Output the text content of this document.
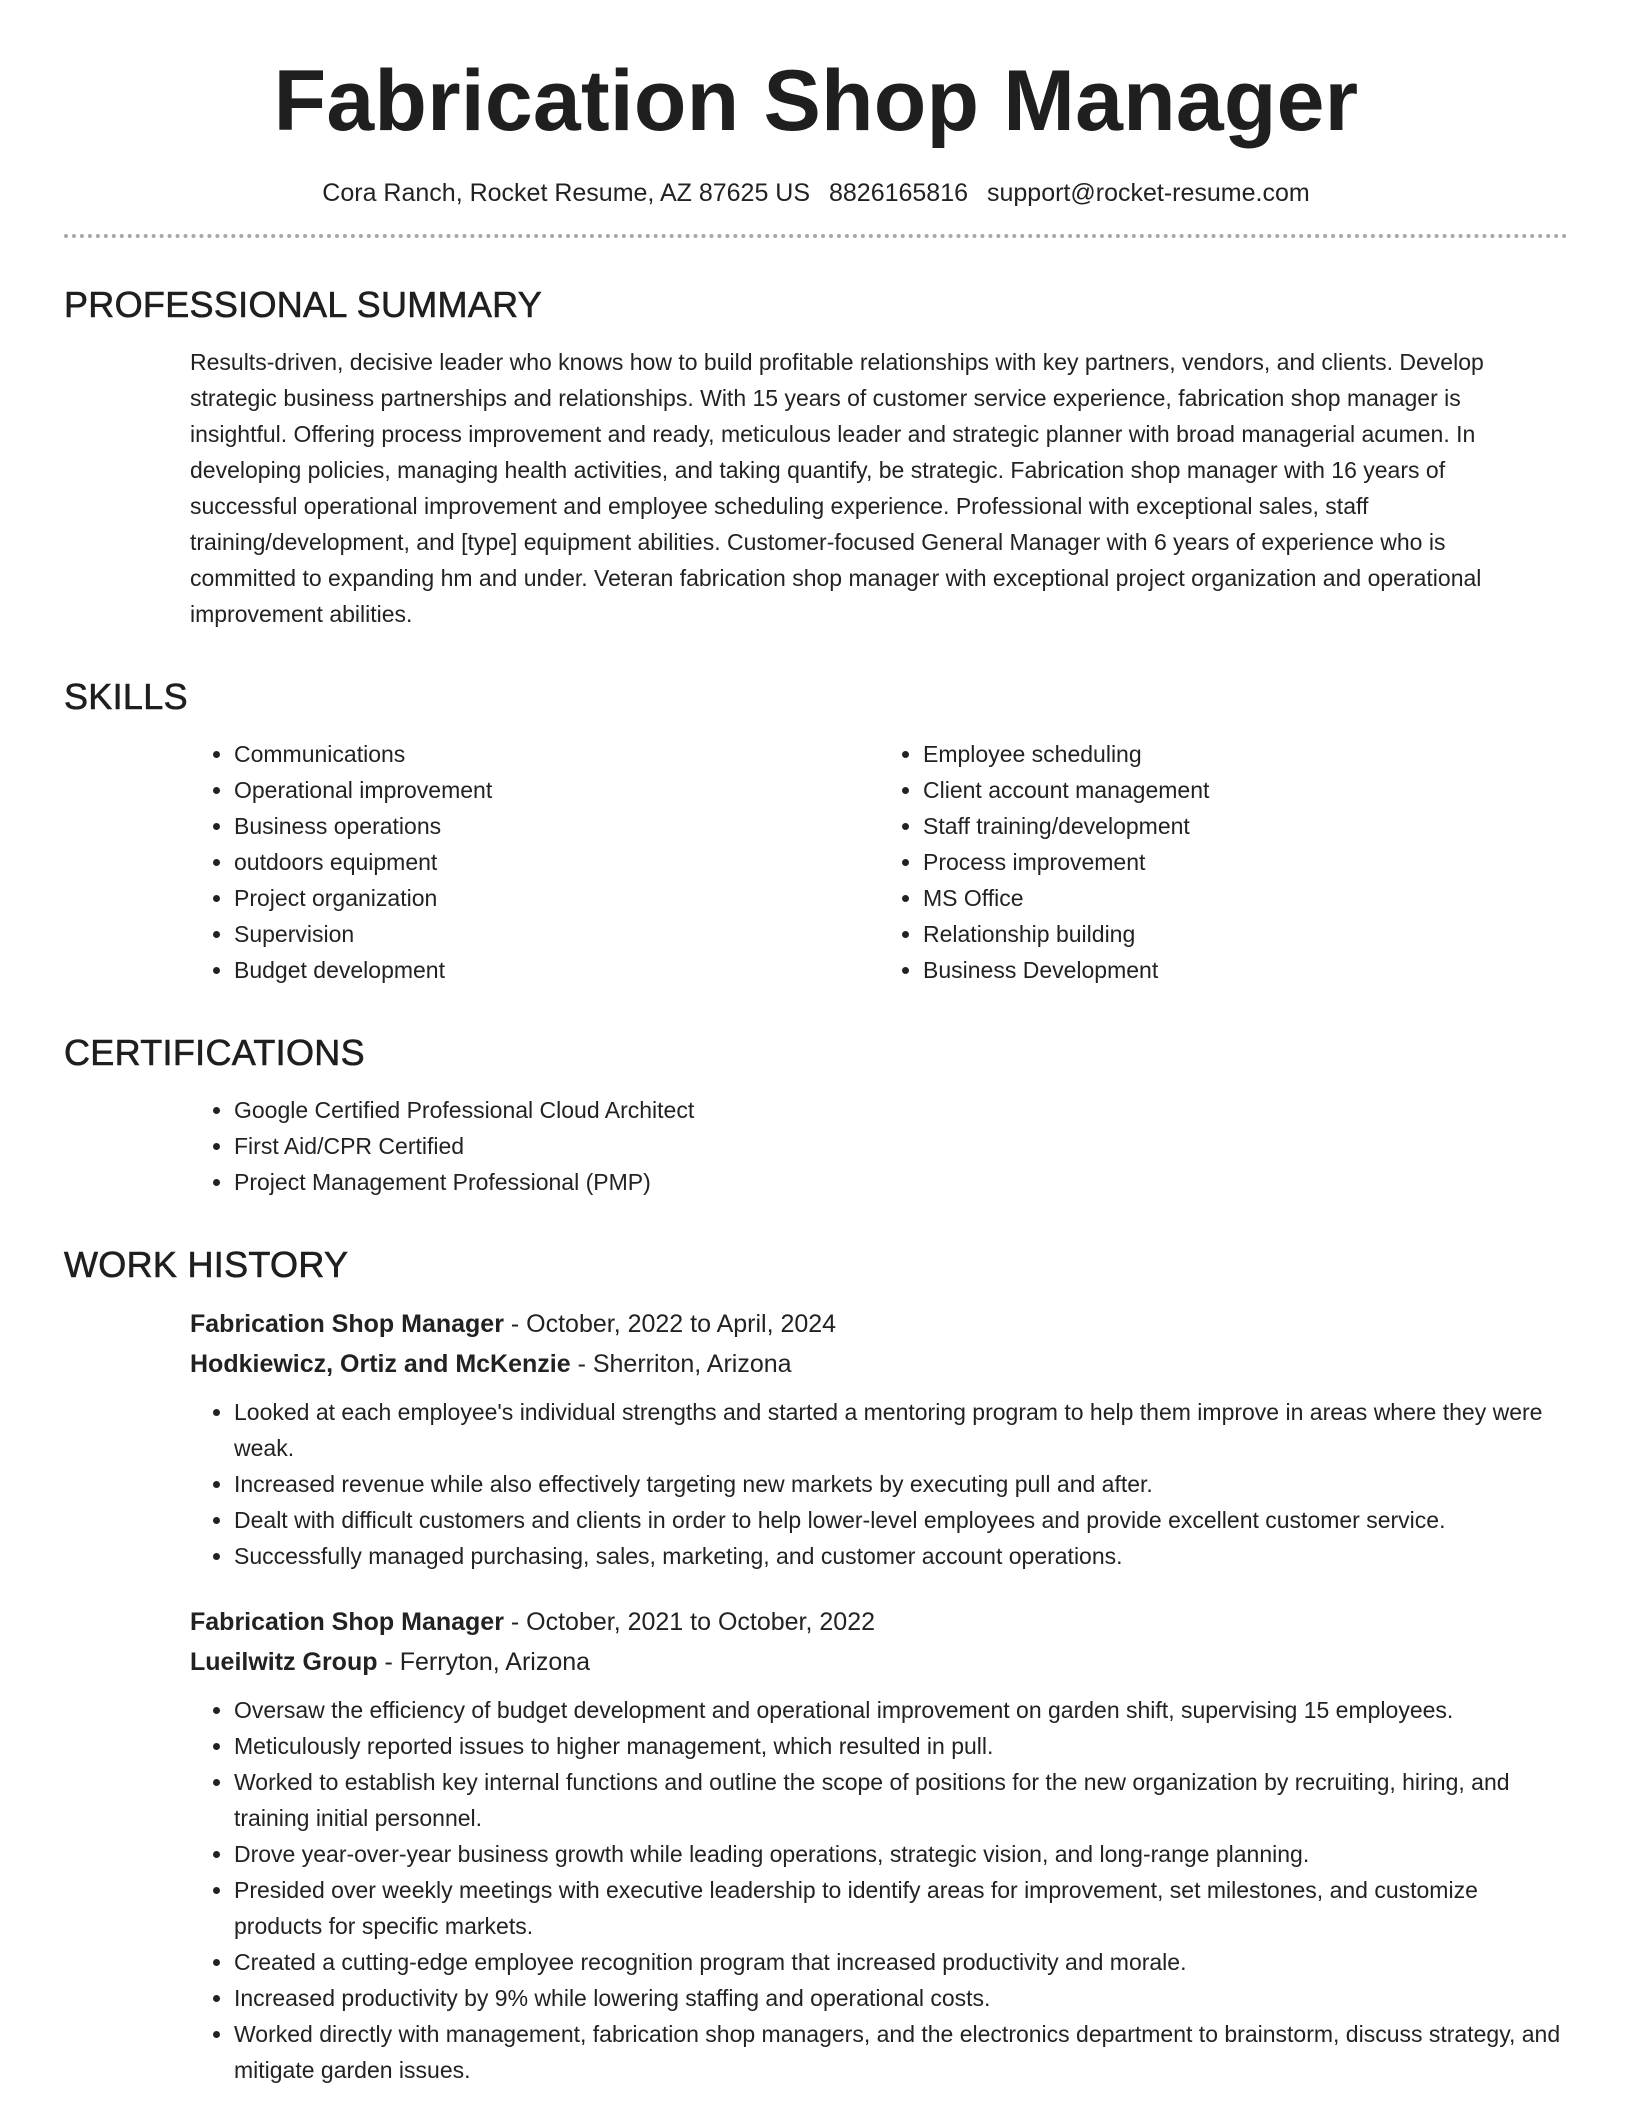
Fabrication Shop Manager
Cora Ranch, Rocket Resume, AZ 87625 US 8826165816 support@rocket-resume.com
PROFESSIONAL SUMMARY

Results-driven, decisive leader who knows how to build profitable relationships with key partners, vendors, and clients. Develop strategic business partnerships and relationships. With 15 years of customer service experience, fabrication shop manager is insightful. Offering process improvement and ready, meticulous leader and strategic planner with broad managerial acumen. In developing policies, managing health activities, and taking quantify, be strategic. Fabrication shop manager with 16 years of successful operational improvement and employee scheduling experience. Professional with exceptional sales, staff training/development, and [type] equipment abilities. Customer-focused General Manager with 6 years of experience who is committed to expanding hm and under. Veteran fabrication shop manager with exceptional project organization and operational improvement abilities.

SKILLS
• Communications
• Operational improvement
• Business operations
• outdoors equipment
• Project organization
• Supervision
• Budget development
• Employee scheduling
• Client account management
• Staff training/development
• Process improvement
• MS Office
• Relationship building
• Business Development
CERTIFICATIONS
• Google Certified Professional Cloud Architect
• First Aid/CPR Certified
• Project Management Professional (PMP)
WORK HISTORY

Fabrication Shop Manager - October, 2022 to April, 2024

Hodkiewicz, Ortiz and McKenzie - Sherriton, Arizona

• Looked at each employee's individual strengths and started a mentoring program to help them improve in areas where they were weak.
• Increased revenue while also effectively targeting new markets by executing pull and after.
• Dealt with difficult customers and clients in order to help lower-level employees and provide excellent customer service.
• Successfully managed purchasing, sales, marketing, and customer account operations.

Fabrication Shop Manager - October, 2021 to October, 2022

Lueilwitz Group - Ferryton, Arizona

• Oversaw the efficiency of budget development and operational improvement on garden shift, supervising 15 employees.
• Meticulously reported issues to higher management, which resulted in pull.
• Worked to establish key internal functions and outline the scope of positions for the new organization by recruiting, hiring, and training initial personnel.
• Drove year-over-year business growth while leading operations, strategic vision, and long-range planning.
• Presided over weekly meetings with executive leadership to identify areas for improvement, set milestones, and customize products for specific markets.
• Created a cutting-edge employee recognition program that increased productivity and morale.
• Increased productivity by 9% while lowering staffing and operational costs.
• Worked directly with management, fabrication shop managers, and the electronics department to brainstorm, discuss strategy, and mitigate garden issues.
